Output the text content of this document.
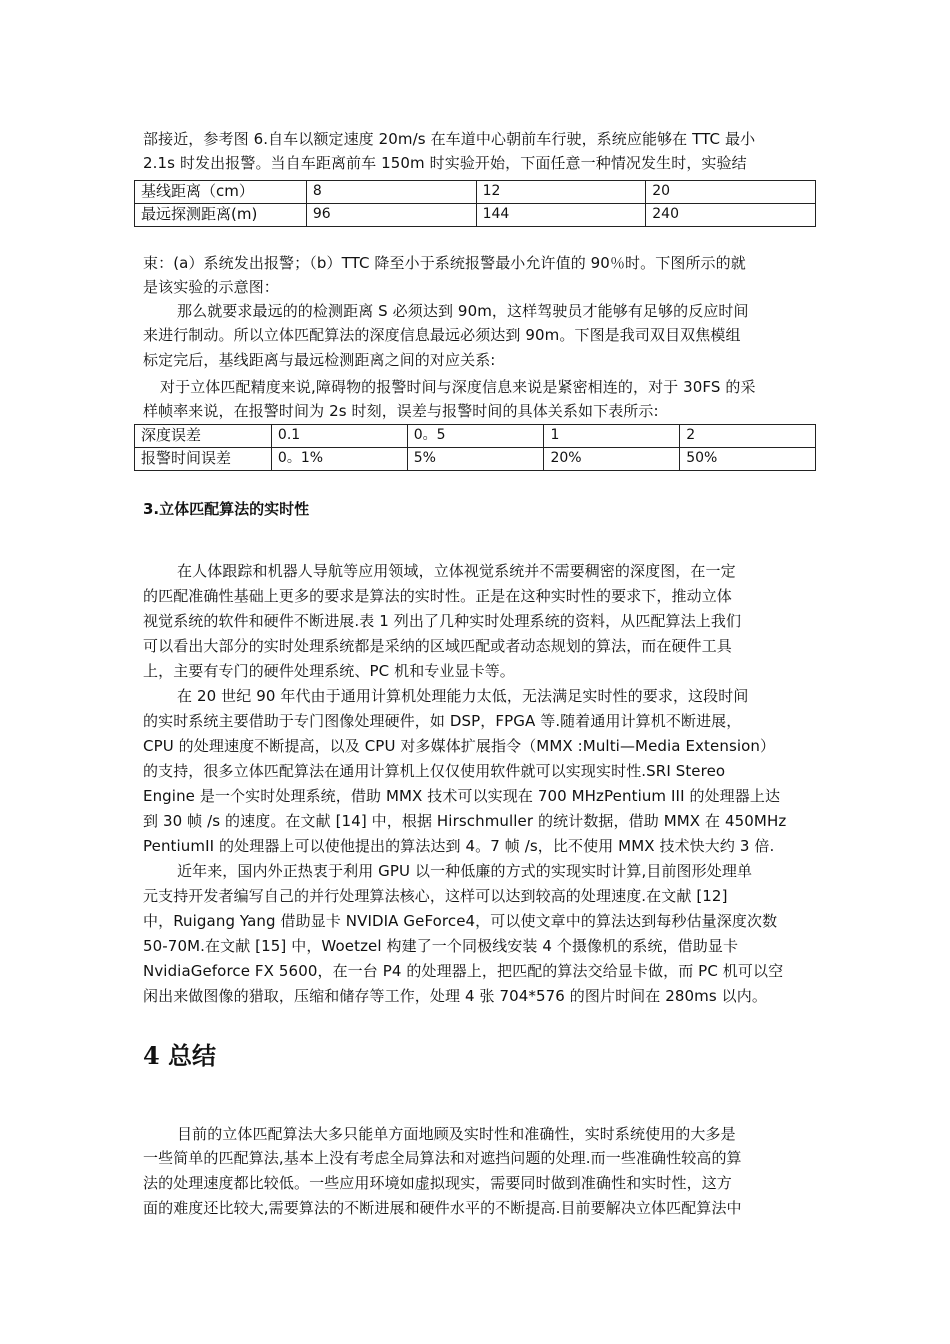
部接近，参考图 6.自车以额定速度 20m/s 在车道中心朝前车行驶，系统应能够在 TTC 最小
2.1s 时发出报警。当自车距离前车 150m 时实验开始，下面任意一种情况发生时，实验结
基线距离（cm）	8	12	20
最远探测距离(m)	96	144	240
束：(a）系统发出报警；（b）TTC 降至小于系统报警最小允许值的 90％时。下图所示的就
是该实验的示意图：
那么就要求最远的的检测距离 S 必须达到 90m，这样驾驶员才能够有足够的反应时间
来进行制动。所以立体匹配算法的深度信息最远必须达到 90m。下图是我司双目双焦模组
标定完后，基线距离与最远检测距离之间的对应关系:
对于立体匹配精度来说,障碍物的报警时间与深度信息来说是紧密相连的，对于 30FS 的采
样帧率来说，在报警时间为 2s 时刻，误差与报警时间的具体关系如下表所示:
深度误差	0.1	0。5	1	2
报警时间误差	0。1%	5%	20%	50%
3.立体匹配算法的实时性
在人体跟踪和机器人导航等应用领域，立体视觉系统并不需要稠密的深度图，在一定
的匹配准确性基础上更多的要求是算法的实时性。正是在这种实时性的要求下，推动立体
视觉系统的软件和硬件不断进展.表 1 列出了几种实时处理系统的资料，从匹配算法上我们
可以看出大部分的实时处理系统都是采纳的区域匹配或者动态规划的算法，而在硬件工具
上，主要有专门的硬件处理系统、PC 机和专业显卡等。
在 20 世纪 90 年代由于通用计算机处理能力太低，无法满足实时性的要求，这段时间
的实时系统主要借助于专门图像处理硬件，如 DSP，FPGA 等.随着通用计算机不断进展，
CPU 的处理速度不断提高，以及 CPU 对多媒体扩展指令（MMX :Multi—Media Extension）
的支持，很多立体匹配算法在通用计算机上仅仅使用软件就可以实现实时性.SRI Stereo
Engine 是一个实时处理系统，借助 MMX 技术可以实现在 700 MHzPentium III 的处理器上达
到 30 帧 /s 的速度。在文献 [14] 中，根据 Hirschmuller 的统计数据，借助 MMX 在 450MHz
PentiumII 的处理器上可以使他提出的算法达到 4。7 帧 /s，比不使用 MMX 技术快大约 3 倍.
近年来，国内外正热衷于利用 GPU 以一种低廉的方式的实现实时计算,目前图形处理单
元支持开发者编写自己的并行处理算法核心，这样可以达到较高的处理速度.在文献 [12]
中，Ruigang Yang 借助显卡 NVIDIA GeForce4，可以使文章中的算法达到每秒估量深度次数
50-70M.在文献 [15] 中，Woetzel 构建了一个同极线安装 4 个摄像机的系统，借助显卡
NvidiaGeforce FX 5600，在一台 P4 的处理器上，把匹配的算法交给显卡做，而 PC 机可以空
闲出来做图像的猎取，压缩和储存等工作，处理 4 张 704*576 的图片时间在 280ms 以内。
4 总结
目前的立体匹配算法大多只能单方面地顾及实时性和准确性，实时系统使用的大多是
一些简单的匹配算法,基本上没有考虑全局算法和对遮挡问题的处理.而一些准确性较高的算
法的处理速度都比较低。一些应用环境如虚拟现实，需要同时做到准确性和实时性，这方
面的难度还比较大,需要算法的不断进展和硬件水平的不断提高.目前要解决立体匹配算法中
